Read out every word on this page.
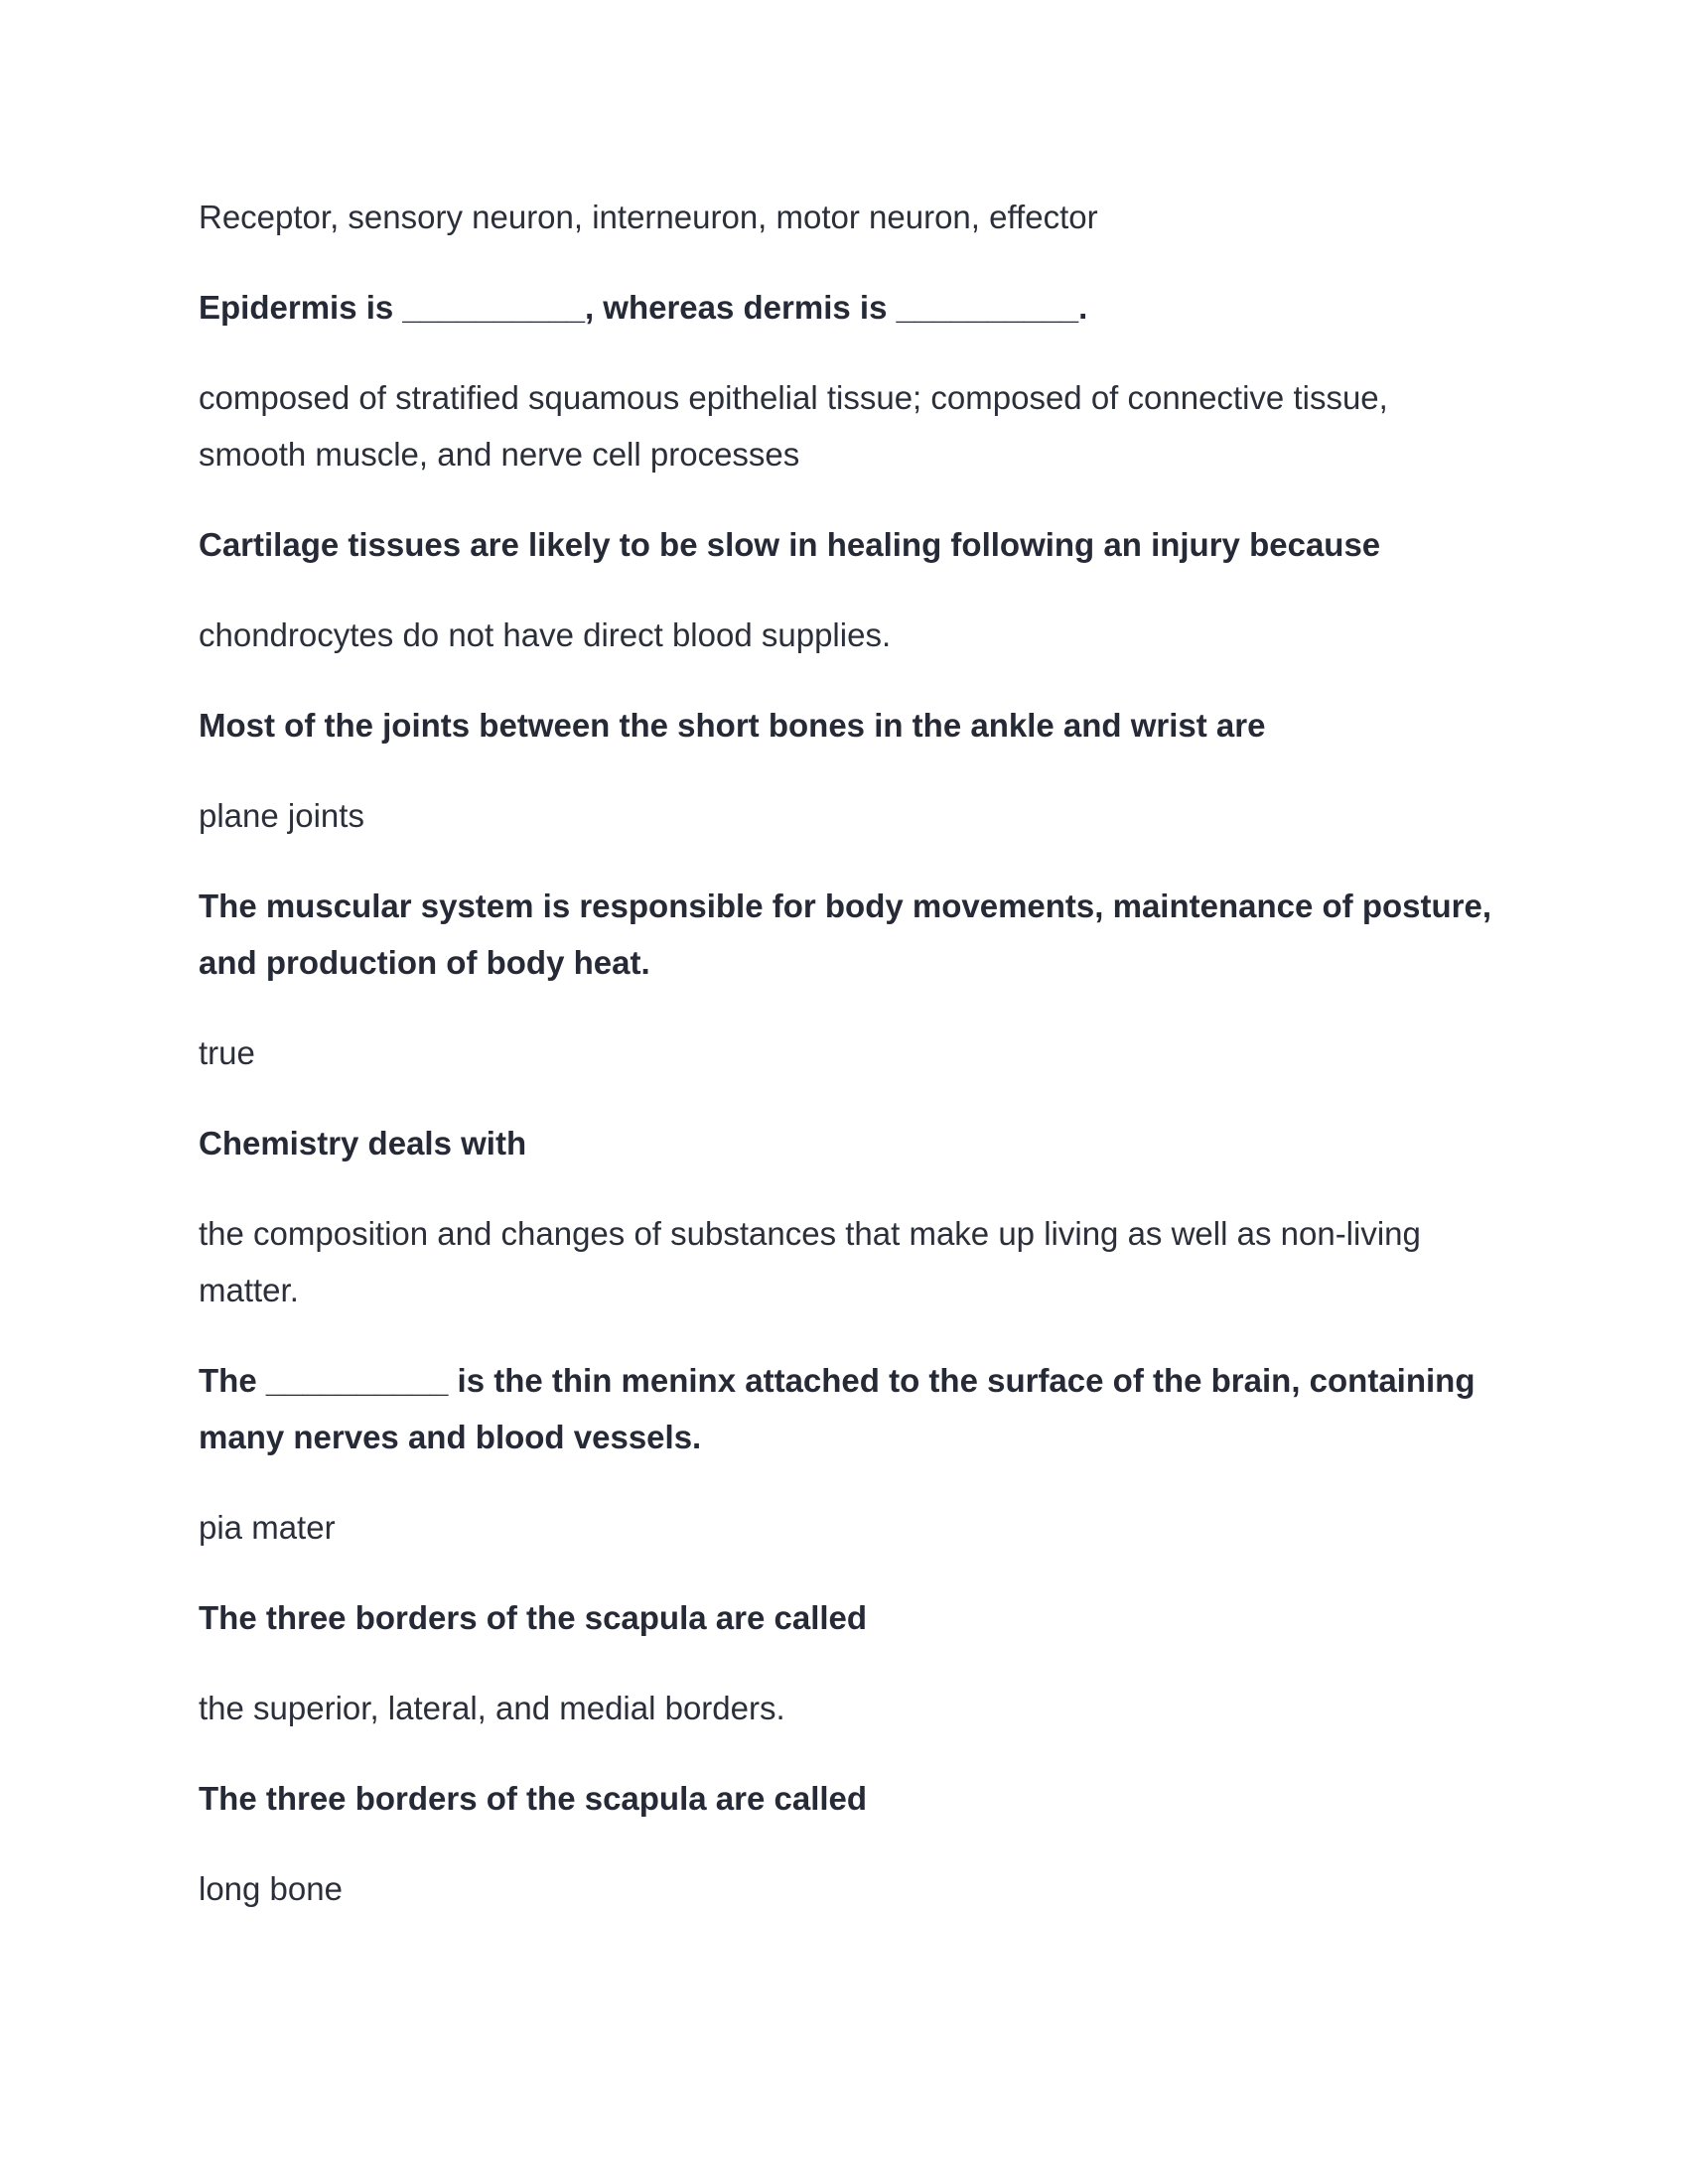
Receptor, sensory neuron, interneuron, motor neuron, effector

Epidermis is __________, whereas dermis is __________.

composed of stratified squamous epithelial tissue; composed of connective tissue, smooth muscle, and nerve cell processes

Cartilage tissues are likely to be slow in healing following an injury because

chondrocytes do not have direct blood supplies.

Most of the joints between the short bones in the ankle and wrist are

plane joints

The muscular system is responsible for body movements, maintenance of posture, and production of body heat.

true

Chemistry deals with

the composition and changes of substances that make up living as well as non-living matter.

The __________ is the thin meninx attached to the surface of the brain, containing many nerves and blood vessels.

pia mater

The three borders of the scapula are called

the superior, lateral, and medial borders.

The three borders of the scapula are called

long bone
